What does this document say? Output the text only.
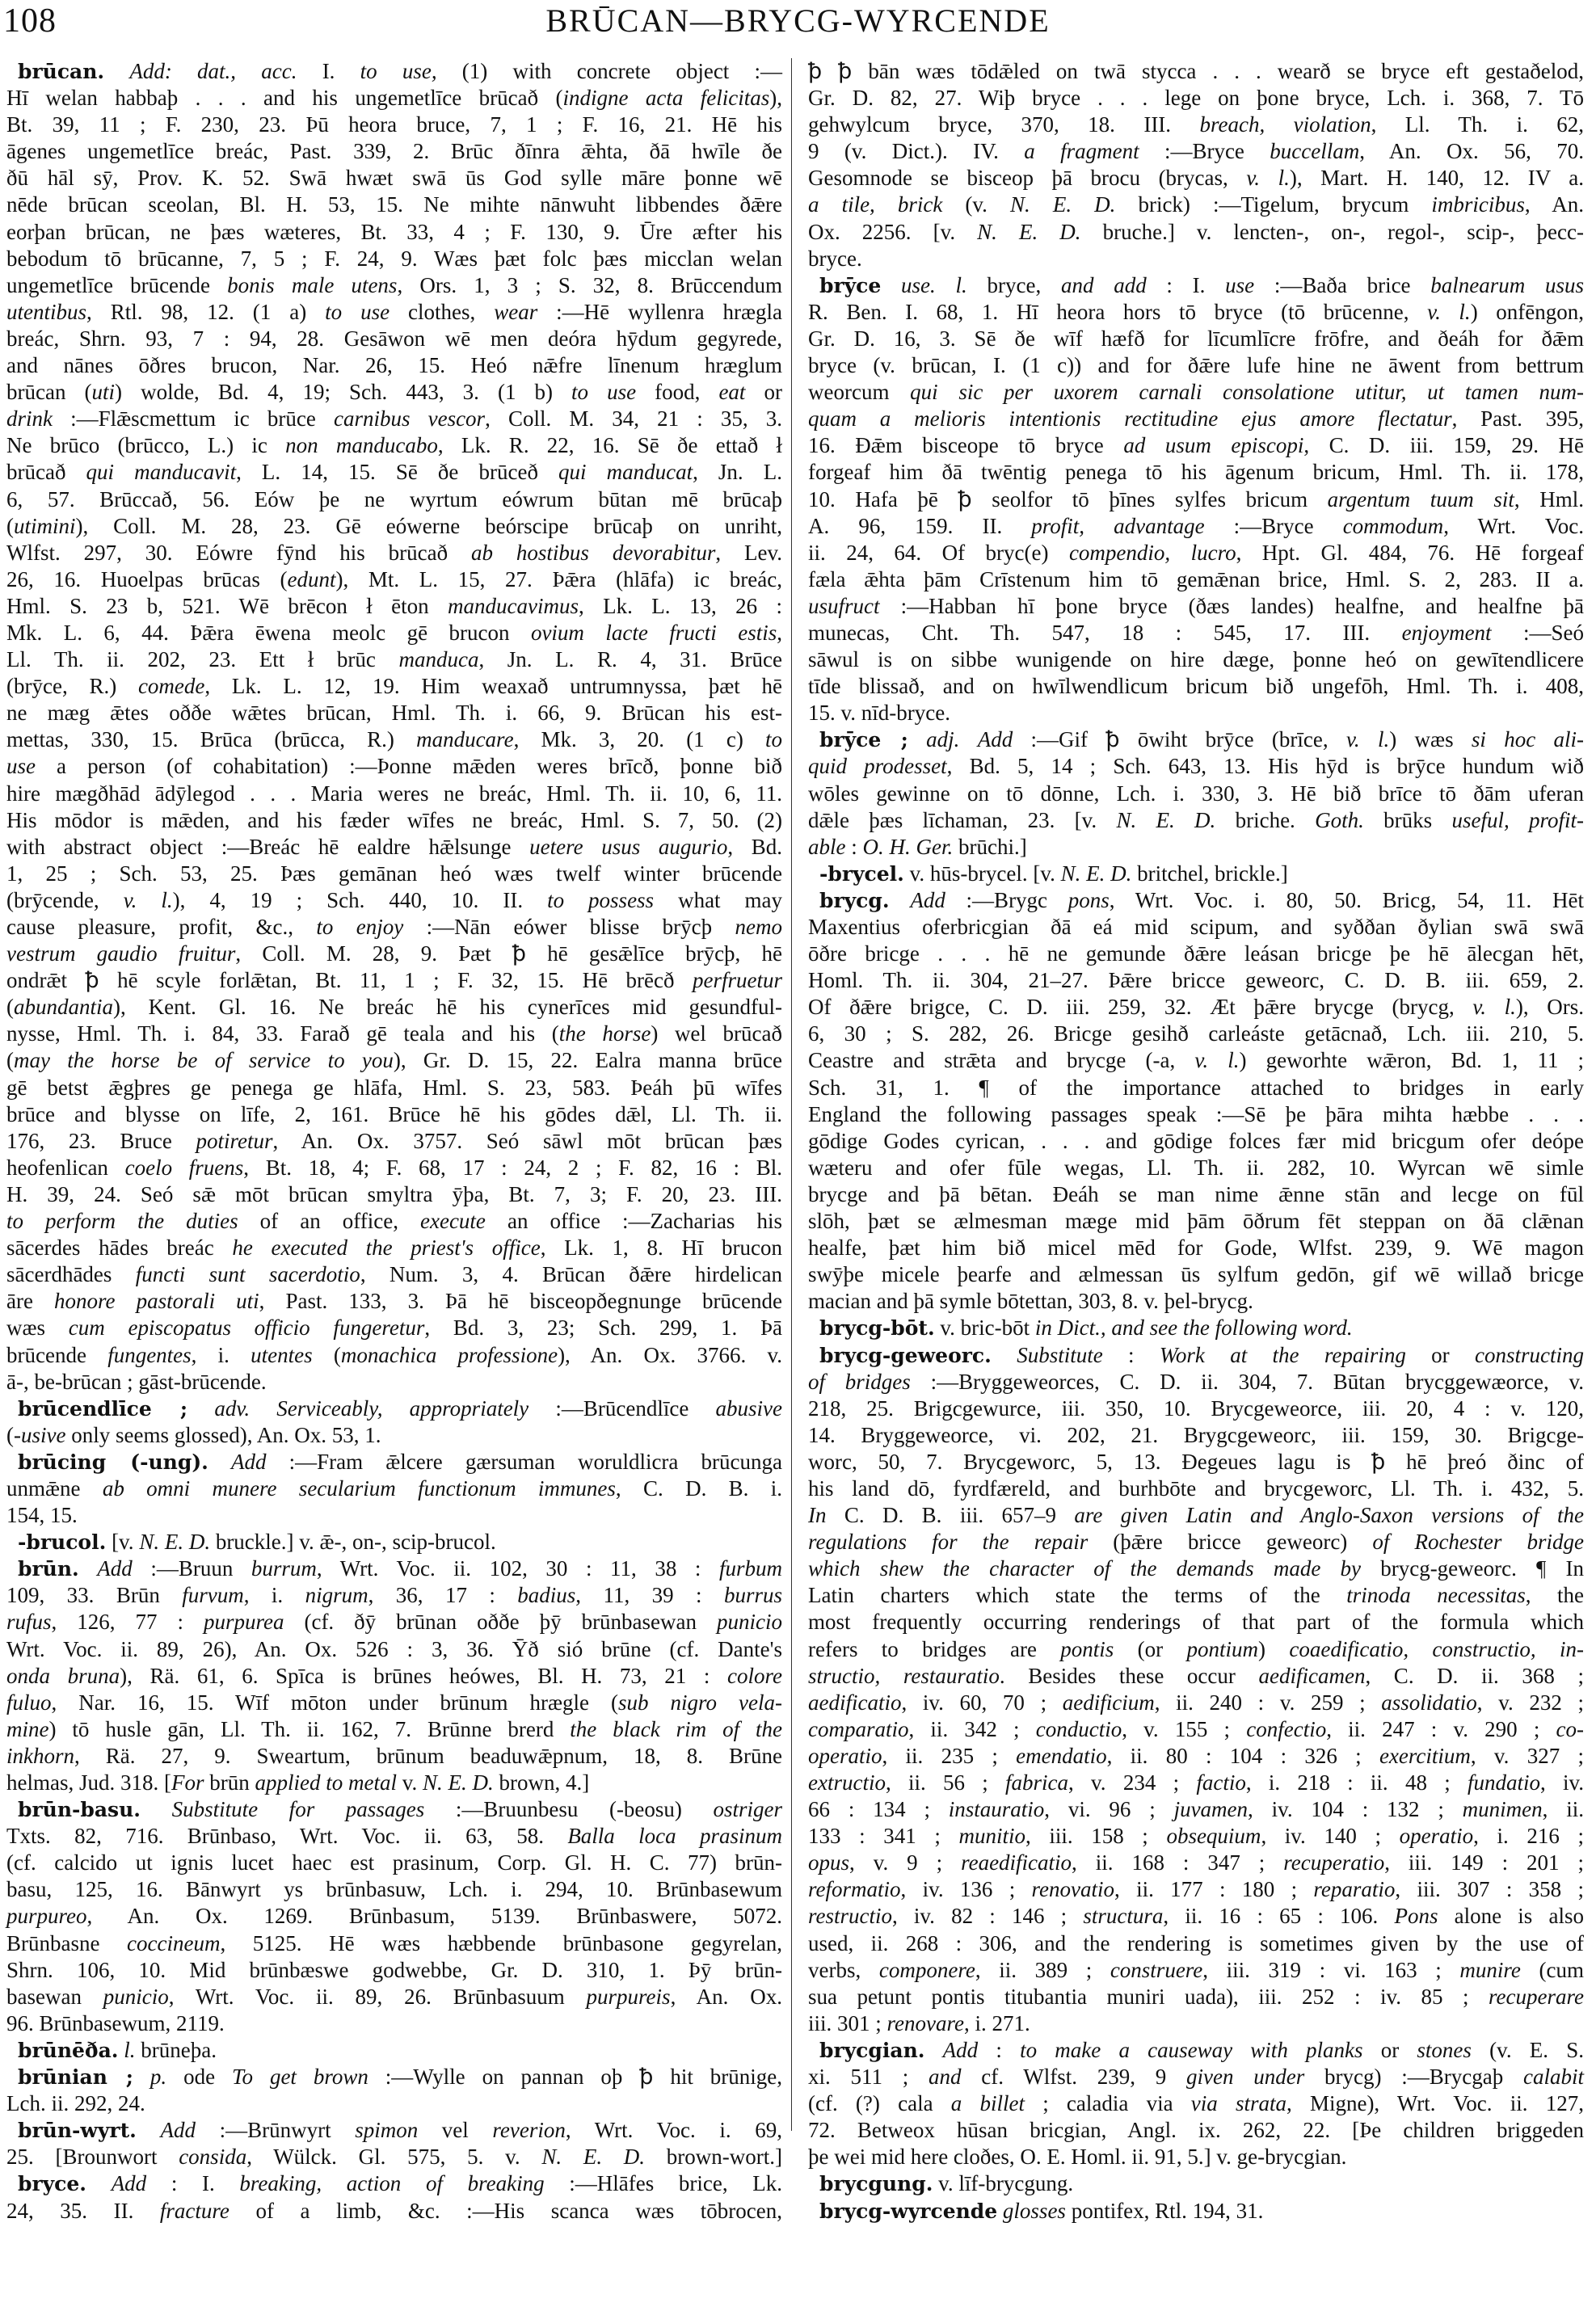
108	BRŪCAN—BRYCG-WYRCENDE
brūcan. Add: dat., acc. I. to use, (1) with concrete object :—
Hī welan habbaþ . . . and his ungemetlīce brūcað (indigne acta felicitas),
Bt. 39, 11 ; F. 230, 23. Þū heora bruce, 7, 1 ; F. 16, 21. Hē his
āgenes ungemetlīce breác, Past. 339, 2. Brūc ðīnra ǣhta, ðā hwīle ðe
ðū hāl sȳ, Prov. K. 52. Swā hwæt swā ūs God sylle māre þonne wē
nēde brūcan sceolan, Bl. H. 53, 15. Ne mihte nānwuht libbendes ðǣre
eorþan brūcan, ne þæs wæteres, Bt. 33, 4 ; F. 130, 9. Ūre æfter his
bebodum tō brūcanne, 7, 5 ; F. 24, 9. Wæs þæt folc þæs micclan welan
ungemetlīce brūcende bonis male utens, Ors. 1, 3 ; S. 32, 8. Brūccendum
utentibus, Rtl. 98, 12. (1 a) to use clothes, wear :—Hē wyllenra hrægla
breác, Shrn. 93, 7 : 94, 28. Gesāwon wē men deóra hȳdum gegyrede,
and nānes ōðres brucon, Nar. 26, 15. Heó nǣfre līnenum hræglum
brūcan (uti) wolde, Bd. 4, 19; Sch. 443, 3. (1 b) to use food, eat or
drink :—Flǣscmettum ic brūce carnibus vescor, Coll. M. 34, 21 : 35, 3.
Ne brūco (brūcco, L.) ic non manducabo, Lk. R. 22, 16. Sē ðe ettað ł
brūcað qui manducavit, L. 14, 15. Sē ðe brūceð qui manducat, Jn. L.
6, 57. Brūccað, 56. Eów þe ne wyrtum eówrum būtan mē brūcaþ
(utimini), Coll. M. 28, 23. Gē eówerne beórscipe brūcaþ on unriht,
Wlfst. 297, 30. Eówre fȳnd his brūcað ab hostibus devorabitur, Lev.
26, 16. Huoelpas brūcas (edunt), Mt. L. 15, 27. Þǣra (hlāfa) ic breác,
Hml. S. 23 b, 521. Wē brēcon ł ēton manducavimus, Lk. L. 13, 26 :
Mk. L. 6, 44. Þǣra ēwena meolc gē brucon ovium lacte fructi estis,
Ll. Th. ii. 202, 23. Ett ł brūc manduca, Jn. L. R. 4, 31. Brūce
(brȳce, R.) comede, Lk. L. 12, 19. Him weaxað untrumnyssa, þæt hē
ne mæg ǣtes oððe wǣtes brūcan, Hml. Th. i. 66, 9. Brūcan his est-
mettas, 330, 15. Brūca (brūcca, R.) manducare, Mk. 3, 20. (1 c) to
use a person (of cohabitation) :—Þonne mǣden weres brīcð, þonne bið
hire mægðhād ādȳlegod . . . Maria weres ne breác, Hml. Th. ii. 10, 6, 11.
His mōdor is mǣden, and his fæder wīfes ne breác, Hml. S. 7, 50. (2)
with abstract object :—Breác hē ealdre hǣlsunge uetere usus augurio, Bd.
1, 25 ; Sch. 53, 25. Þæs gemānan heó wæs twelf winter brūcende
(brȳcende, v. l.), 4, 19 ; Sch. 440, 10. II. to possess what may
cause pleasure, profit, &c., to enjoy :—Nān eówer blisse brȳcþ nemo
vestrum gaudio fruitur, Coll. M. 28, 9. Þæt ꝥ hē gesǣlīce brȳcþ, hē
ondrǣt ꝥ hē scyle forlǣtan, Bt. 11, 1 ; F. 32, 15. Hē brēcð perfruetur
(abundantia), Kent. Gl. 16. Ne breác hē his cynerīces mid gesundful-
nysse, Hml. Th. i. 84, 33. Farað gē teala and his (the horse) wel brūcað
(may the horse be of service to you), Gr. D. 15, 22. Ealra manna brūce
gē betst ǣgþres ge penega ge hlāfa, Hml. S. 23, 583. Þeáh þū wīfes
brūce and blysse on līfe, 2, 161. Brūce hē his gōdes dǣl, Ll. Th. ii.
176, 23. Bruce potiretur, An. Ox. 3757. Seó sāwl mōt brūcan þæs
heofenlican coelo fruens, Bt. 18, 4; F. 68, 17 : 24, 2 ; F. 82, 16 : Bl.
H. 39, 24. Seó sǣ mōt brūcan smyltra ȳþa, Bt. 7, 3; F. 20, 23. III.
to perform the duties of an office, execute an office :—Zacharias his
sācerdes hādes breác he executed the priest's office, Lk. 1, 8. Hī brucon
sācerdhādes functi sunt sacerdotio, Num. 3, 4. Brūcan ðǣre hirdelican
āre honore pastorali uti, Past. 133, 3. Þā hē bisceopðegnunge brūcende
wæs cum episcopatus officio fungeretur, Bd. 3, 23; Sch. 299, 1. Þā
brūcende fungentes, i. utentes (monachica professione), An. Ox. 3766. v.
ā-, be-brūcan ; gāst-brūcende.
brūcendlīce ; adv. Serviceably, appropriately :—Brūcendlīce abusive
(-usive only seems glossed), An. Ox. 53, 1.
brūcing (-ung). Add :—Fram ǣlcere gærsuman woruldlicra brūcunga
unmǣne ab omni munere secularium functionum immunes, C. D. B. i.
154, 15.
-brucol. [v. N. E. D. bruckle.] v. ǣ-, on-, scip-brucol.
brūn. Add :—Bruun burrum, Wrt. Voc. ii. 102, 30 : 11, 38 : furbum
109, 33. Brūn furvum, i. nigrum, 36, 17 : badius, 11, 39 : burrus
rufus, 126, 77 : purpurea (cf. ðȳ brūnan oððe þȳ brūnbasewan punicio
Wrt. Voc. ii. 89, 26), An. Ox. 526 : 3, 36. Ȳð sió brūne (cf. Dante's
onda bruna), Rä. 61, 6. Spīca is brūnes heówes, Bl. H. 73, 21 : colore
fuluo, Nar. 16, 15. Wīf mōton under brūnum hrægle (sub nigro vela-
mine) tō husle gān, Ll. Th. ii. 162, 7. Brūnne brerd the black rim of the
inkhorn, Rä. 27, 9. Sweartum, brūnum beaduwǣpnum, 18, 8. Brūne
helmas, Jud. 318. [For brūn applied to metal v. N. E. D. brown, 4.]
brūn-basu. Substitute for passages :—Bruunbesu (-beosu) ostriger
Txts. 82, 716. Brūnbaso, Wrt. Voc. ii. 63, 58. Balla loca prasinum
(cf. calcido ut ignis lucet haec est prasinum, Corp. Gl. H. C. 77) brūn-
basu, 125, 16. Bānwyrt ys brūnbasuw, Lch. i. 294, 10. Brūnbasewum
purpureo, An. Ox. 1269. Brūnbasum, 5139. Brūnbaswere, 5072.
Brūnbasne coccineum, 5125. Hē wæs hæbbende brūnbasone gegyrelan,
Shrn. 106, 10. Mid brūnbæswe godwebbe, Gr. D. 310, 1. Þȳ brūn-
basewan punicio, Wrt. Voc. ii. 89, 26. Brūnbasuum purpureis, An. Ox.
96. Brūnbasewum, 2119.
brūnēða. l. brūneþa.
brūnian ; p. ode To get brown :—Wylle on pannan oþ ꝥ hit brūnige,
Lch. ii. 292, 24.
brūn-wyrt. Add :—Brūnwyrt spimon vel reverion, Wrt. Voc. i. 69,
25. [Brounwort consida, Wülck. Gl. 575, 5. v. N. E. D. brown-wort.]
bryce. Add : I. breaking, action of breaking :—Hlāfes brice, Lk.
24, 35. II. fracture of a limb, &c. :—His scanca wæs tōbrocen,
ꝥ ꝥ bān wæs tōdǣled on twā stycca . . . wearð se bryce eft gestaðelod,
Gr. D. 82, 27. Wiþ bryce . . . lege on þone bryce, Lch. i. 368, 7. Tō
gehwylcum bryce, 370, 18. III. breach, violation, Ll. Th. i. 62,
9 (v. Dict.). IV. a fragment :—Bryce buccellam, An. Ox. 56, 70.
Gesomnode se bisceop þā brocu (brycas, v. l.), Mart. H. 140, 12. IV a.
a tile, brick (v. N. E. D. brick) :—Tigelum, brycum imbricibus, An.
Ox. 2256. [v. N. E. D. bruche.] v. lencten-, on-, regol-, scip-, þecc-
bryce.
brȳce use. l. bryce, and add : I. use :—Baða brice balnearum usus
R. Ben. I. 68, 1. Hī heora hors tō bryce (tō brūcenne, v. l.) onfēngon,
Gr. D. 16, 3. Sē ðe wīf hæfð for līcumlīcre frōfre, and ðeáh for ðǣm
bryce (v. brūcan, I. (1 c)) and for ðǣre lufe hine ne āwent from bettrum
weorcum qui sic per uxorem carnali consolatione utitur, ut tamen num-
quam a melioris intentionis rectitudine ejus amore flectatur, Past. 395,
16. Ðǣm bisceope tō bryce ad usum episcopi, C. D. iii. 159, 29. Hē
forgeaf him ðā twēntig penega tō his āgenum bricum, Hml. Th. ii. 178,
10. Hafa þē ꝥ seolfor tō þīnes sylfes bricum argentum tuum sit, Hml.
A. 96, 159. II. profit, advantage :—Bryce commodum, Wrt. Voc.
ii. 24, 64. Of bryc(e) compendio, lucro, Hpt. Gl. 484, 76. Hē forgeaf
fæla ǣhta þām Crīstenum him tō gemǣnan brice, Hml. S. 2, 283. II a.
usufruct :—Habban hī þone bryce (ðæs landes) healfne, and healfne þā
munecas, Cht. Th. 547, 18 : 545, 17. III. enjoyment :—Seó
sāwul is on sibbe wunigende on hire dæge, þonne heó on gewītendlicere
tīde blissað, and on hwīlwendlicum bricum bið ungefōh, Hml. Th. i. 408,
15. v. nīd-bryce.
brȳce ; adj. Add :—Gif ꝥ ōwiht brȳce (brīce, v. l.) wæs si hoc ali-
quid prodesset, Bd. 5, 14 ; Sch. 643, 13. His hȳd is brȳce hundum wið
wōles gewinne on tō dōnne, Lch. i. 330, 3. Hē bið brīce tō ðām uferan
dǣle þæs līchaman, 23. [v. N. E. D. briche. Goth. brūks useful, profit-
able : O. H. Ger. brūchi.]
-brycel. v. hūs-brycel. [v. N. E. D. britchel, brickle.]
brycg. Add :—Brygc pons, Wrt. Voc. i. 80, 50. Bricg, 54, 11. Hēt
Maxentius oferbricgian ðā eá mid scipum, and syððan ðylian swā swā
ōðre bricge . . . hē ne gemunde ðǣre leásan bricge þe hē ālecgan hēt,
Homl. Th. ii. 304, 21–27. Þǣre bricce geweorc, C. D. B. iii. 659, 2.
Of ðǣre brigce, C. D. iii. 259, 32. Æt þǣre brycge (brycg, v. l.), Ors.
6, 30 ; S. 282, 26. Bricge gesihð carleáste getācnað, Lch. iii. 210, 5.
Ceastre and strǣta and brycge (-a, v. l.) geworhte wǣron, Bd. 1, 11 ;
Sch. 31, 1. ¶ of the importance attached to bridges in early
England the following passages speak :—Sē þe þāra mihta hæbbe . . .
gōdige Godes cyrican, . . . and gōdige folces fær mid bricgum ofer deópe
wæteru and ofer fūle wegas, Ll. Th. ii. 282, 10. Wyrcan wē simle
brycge and þā bētan. Ðeáh se man nime ǣnne stān and lecge on fūl
slōh, þæt se ælmesman mæge mid þām ōðrum fēt steppan on ðā clǣnan
healfe, þæt him bið micel mēd for Gode, Wlfst. 239, 9. Wē magon
swȳþe micele þearfe and ælmessan ūs sylfum gedōn, gif wē willað bricge
macian and þā symle bōtettan, 303, 8. v. þel-brycg.
brycg-bōt. v. bric-bōt in Dict., and see the following word.
brycg-geweorc. Substitute : Work at the repairing or constructing
of bridges :—Bryggeweorces, C. D. ii. 304, 7. Būtan brycggewæorce, v.
218, 25. Brigcgewurce, iii. 350, 10. Brycgeweorce, iii. 20, 4 : v. 120,
14. Bryggeweorce, vi. 202, 21. Brygcgeweorc, iii. 159, 30. Brigcge-
worc, 50, 7. Brycgeworc, 5, 13. Ðegeues lagu is ꝥ hē þreó ðinc of
his land dō, fyrdfæreld, and burhbōte and brycgeworc, Ll. Th. i. 432, 5.
In C. D. B. iii. 657–9 are given Latin and Anglo-Saxon versions of the
regulations for the repair (þǣre bricce geweorc) of Rochester bridge
which shew the character of the demands made by brycg-geweorc. ¶ In
Latin charters which state the terms of the trinoda necessitas, the
most frequently occurring renderings of that part of the formula which
refers to bridges are pontis (or pontium) coaedificatio, constructio, in-
structio, restauratio. Besides these occur aedificamen, C. D. ii. 368 ;
aedificatio, iv. 60, 70 ; aedificium, ii. 240 : v. 259 ; assolidatio, v. 232 ;
comparatio, ii. 342 ; conductio, v. 155 ; confectio, ii. 247 : v. 290 ; co-
operatio, ii. 235 ; emendatio, ii. 80 : 104 : 326 ; exercitium, v. 327 ;
extructio, ii. 56 ; fabrica, v. 234 ; factio, i. 218 : ii. 48 ; fundatio, iv.
66 : 134 ; instauratio, vi. 96 ; juvamen, iv. 104 : 132 ; munimen, ii.
133 : 341 ; munitio, iii. 158 ; obsequium, iv. 140 ; operatio, i. 216 ;
opus, v. 9 ; reaedificatio, ii. 168 : 347 ; recuperatio, iii. 149 : 201 ;
reformatio, iv. 136 ; renovatio, ii. 177 : 180 ; reparatio, iii. 307 : 358 ;
restructio, iv. 82 : 146 ; structura, ii. 16 : 65 : 106. Pons alone is also
used, ii. 268 : 306, and the rendering is sometimes given by the use of
verbs, componere, ii. 389 ; construere, iii. 319 : vi. 163 ; munire (cum
sua petunt pontis titubantia muniri uada), iii. 252 : iv. 85 ; recuperare
iii. 301 ; renovare, i. 271.
brycgian. Add : to make a causeway with planks or stones (v. E. S.
xi. 511 ; and cf. Wlfst. 239, 9 given under brycg) :—Brycgaþ calabit
(cf. (?) cala a billet ; caladia via via strata, Migne), Wrt. Voc. ii. 127,
72. Betweox hūsan bricgian, Angl. ix. 262, 22. [Þe children briggeden
þe wei mid here cloðes, O. E. Homl. ii. 91, 5.] v. ge-brycgian.
brycgung. v. līf-brycgung.
brycg-wyrcende glosses pontifex, Rtl. 194, 31.
